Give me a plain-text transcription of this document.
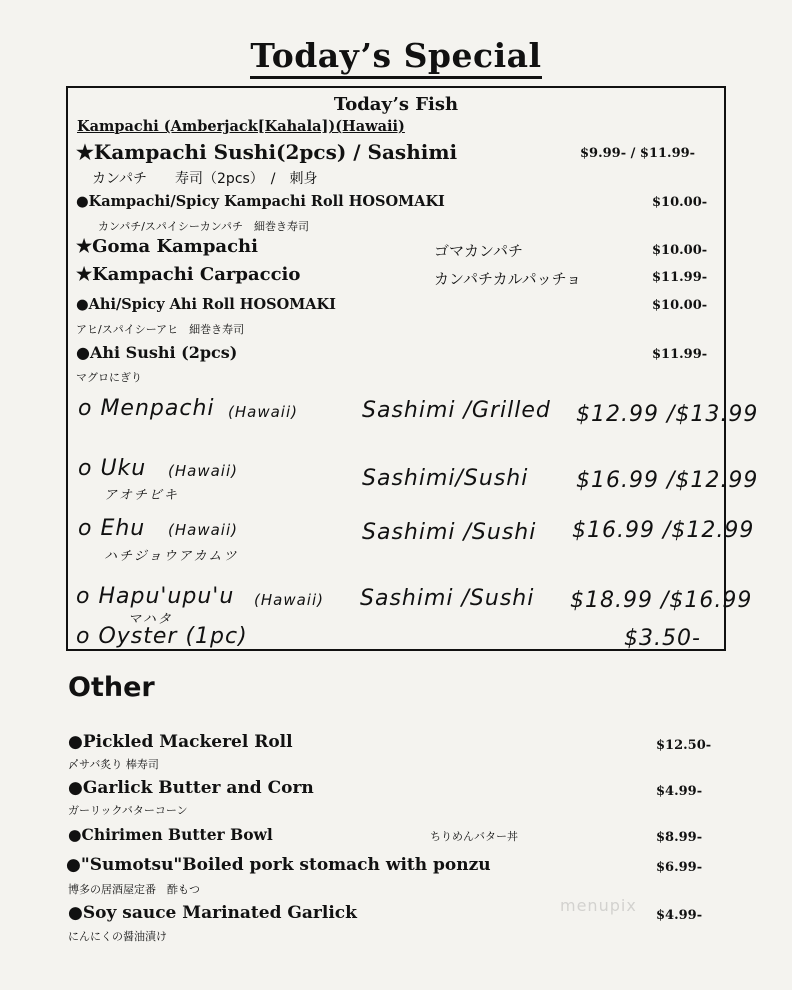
Today’s Special
Today’s Fish
Kampachi (Amberjack[Kahala])(Hawaii)
★Kampachi Sushi(2pcs) / Sashimi
カンパチ　　寿司（2pcs）　/　刺身
$9.99- / $11.99-
●Kampachi/Spicy Kampachi Roll HOSOMAKI
カンパチ/スパイシーカンパチ　細巻き寿司
$10.00-
★Goma Kampachi	ゴマカンパチ	$10.00-
★Kampachi Carpaccio	カンパチカルパッチョ	$11.99-
●Ahi/Spicy Ahi Roll HOSOMAKI
アヒ/スパイシーアヒ　細巻き寿司
$10.00-
●Ahi Sushi (2pcs)
マグロにぎり
$11.99-
o Menpachi (Hawaii)	Sashimi /Grilled $12.99 /$13.99
o Uku (Hawaii)
アオチビキ
Sashimi/Sushi $16.99 /$12.99
o Ehu (Hawaii)
ハチジョウアカムツ
Sashimi /Sushi $16.99 /$12.99
o Hapu'upu'u (Hawaii)
マハタ
Sashimi /Sushi $18.99 /$16.99
o Oyster (1pc)	$3.50-
Other
●Pickled Mackerel Roll
〆サバ炙り 棒寿司
$12.50-
●Garlick Butter and Corn
ガーリックバターコーン
$4.99-
●Chirimen Butter Bowl	ちりめんバター丼	$8.99-
●"Sumotsu"Boiled pork stomach with ponzu
博多の居酒屋定番　酢もつ
$6.99-
●Soy sauce Marinated Garlick
にんにくの醤油漬け
$4.99-
menupix
